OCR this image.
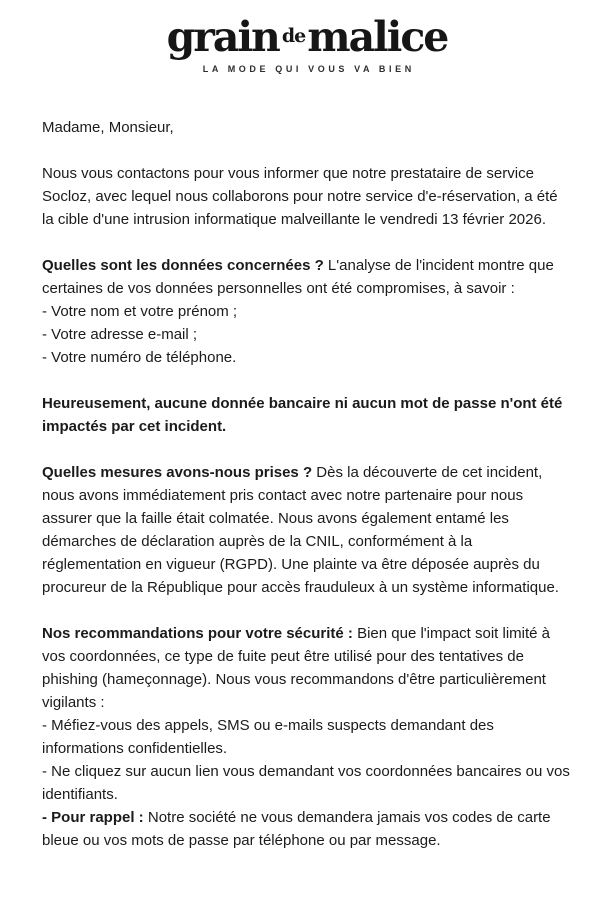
grain $^{de}$malice
LA MODE QUI VOUS VA BIEN

Madame, Monsieur,

Nous vous contactons pour vous informer que notre prestataire de service Socloz, avec lequel nous collaborons pour notre service d'e-réservation, a été la cible d'une intrusion informatique malveillante le vendredi 13 février 2026.

Quelles sont les données concernées ? L'analyse de l'incident montre que certaines de vos données personnelles ont été compromises, à savoir :
- Votre nom et votre prénom ;
- Votre adresse e-mail ;
- Votre numéro de téléphone.

Heureusement, aucune donnée bancaire ni aucun mot de passe n'ont été impactés par cet incident.

Quelles mesures avons-nous prises ? Dès la découverte de cet incident, nous avons immédiatement pris contact avec notre partenaire pour nous assurer que la faille était colmatée. Nous avons également entamé les démarches de déclaration auprès de la CNIL, conformément à la réglementation en vigueur (RGPD). Une plainte va être déposée auprès du procureur de la République pour accès frauduleux à un système informatique.

Nos recommandations pour votre sécurité : Bien que l'impact soit limité à vos coordonnées, ce type de fuite peut être utilisé pour des tentatives de phishing (hameçonnage). Nous vous recommandons d'être particulièrement vigilants :
- Méfiez-vous des appels, SMS ou e-mails suspects demandant des informations confidentielles.
- Ne cliquez sur aucun lien vous demandant vos coordonnées bancaires ou vos identifiants.
- Pour rappel : Notre société ne vous demandera jamais vos codes de carte bleue ou vos mots de passe par téléphone ou par message.
